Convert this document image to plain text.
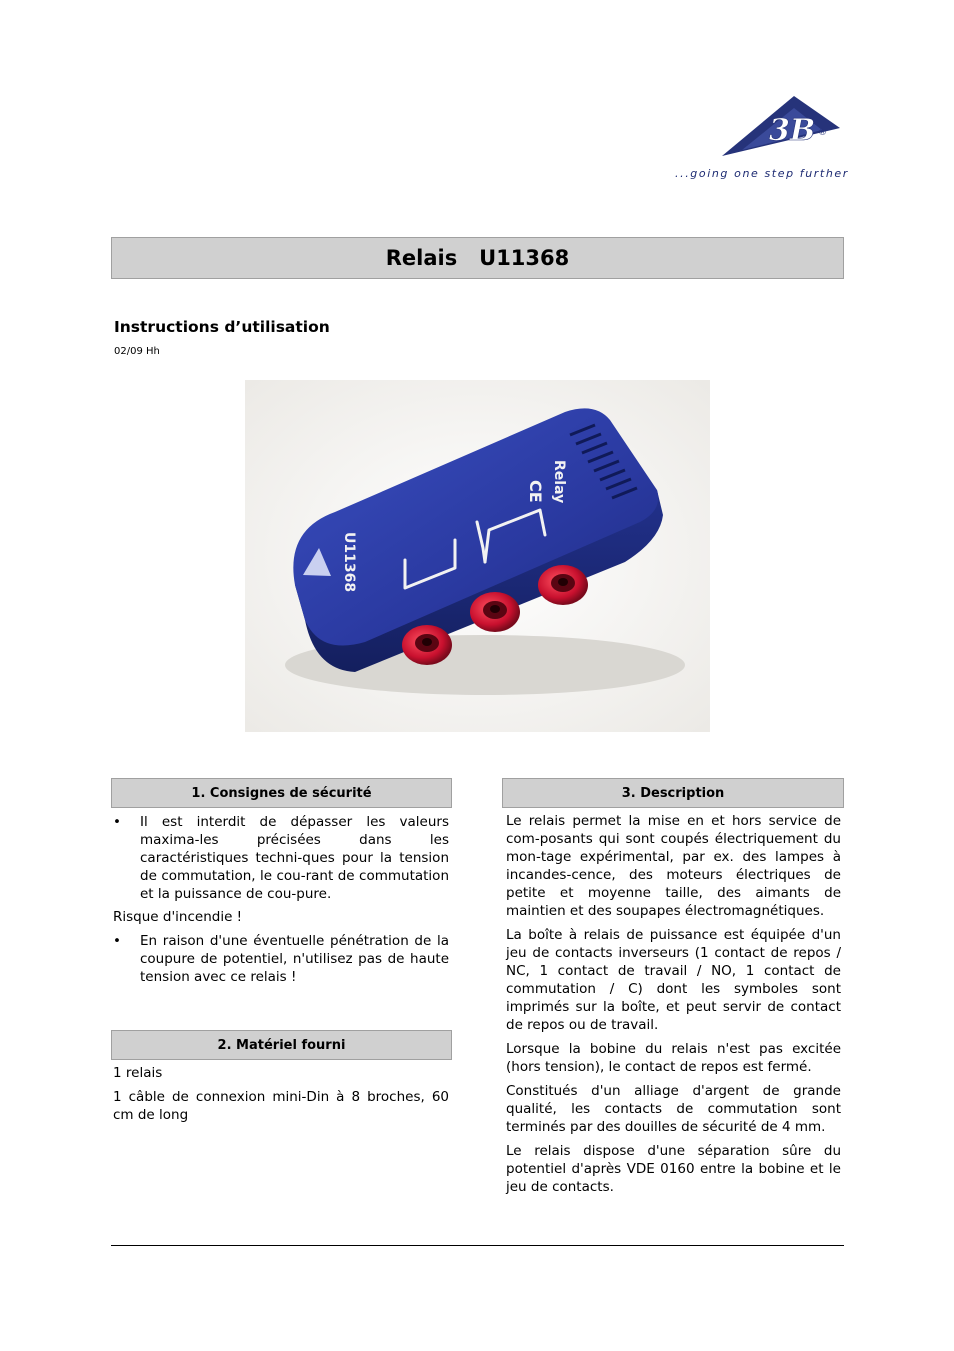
3B ®
...going one step further
Relais   U11368
Instructions d’utilisation
02/09 Hh
Relay
CE
U11368
1. Consignes de sécurité
•	Il est interdit de dépasser les valeurs maxima-les précisées dans les caractéristiques techni-ques pour la tension de commutation, le cou-rant de commutation et la puissance de cou-pure.

Risque d'incendie !

•	En raison d'une éventuelle pénétration de la coupure de potentiel, n'utilisez pas de haute tension avec ce relais !
2. Matériel fourni

1 relais

1 câble de connexion mini-Din à 8 broches, 60 cm de long

3. Description

Le relais permet la mise en et hors service de com-posants qui sont coupés électriquement du mon-tage expérimental, par ex. des lampes à incandes-cence, des moteurs électriques de petite et moyenne taille, des aimants de maintien et des soupapes électromagnétiques.

La boîte à relais de puissance est équipée d'un jeu de contacts inverseurs (1 contact de repos / NC, 1 contact de travail / NO, 1 contact de commutation / C) dont les symboles sont imprimés sur la boîte, et peut servir de contact de repos ou de travail.

Lorsque la bobine du relais n'est pas excitée (hors tension), le contact de repos est fermé.

Constitués d'un alliage d'argent de grande qualité, les contacts de commutation sont terminés par des douilles de sécurité de 4 mm.

Le relais dispose d'une séparation sûre du potentiel d'après VDE 0160 entre la bobine et le jeu de contacts.
